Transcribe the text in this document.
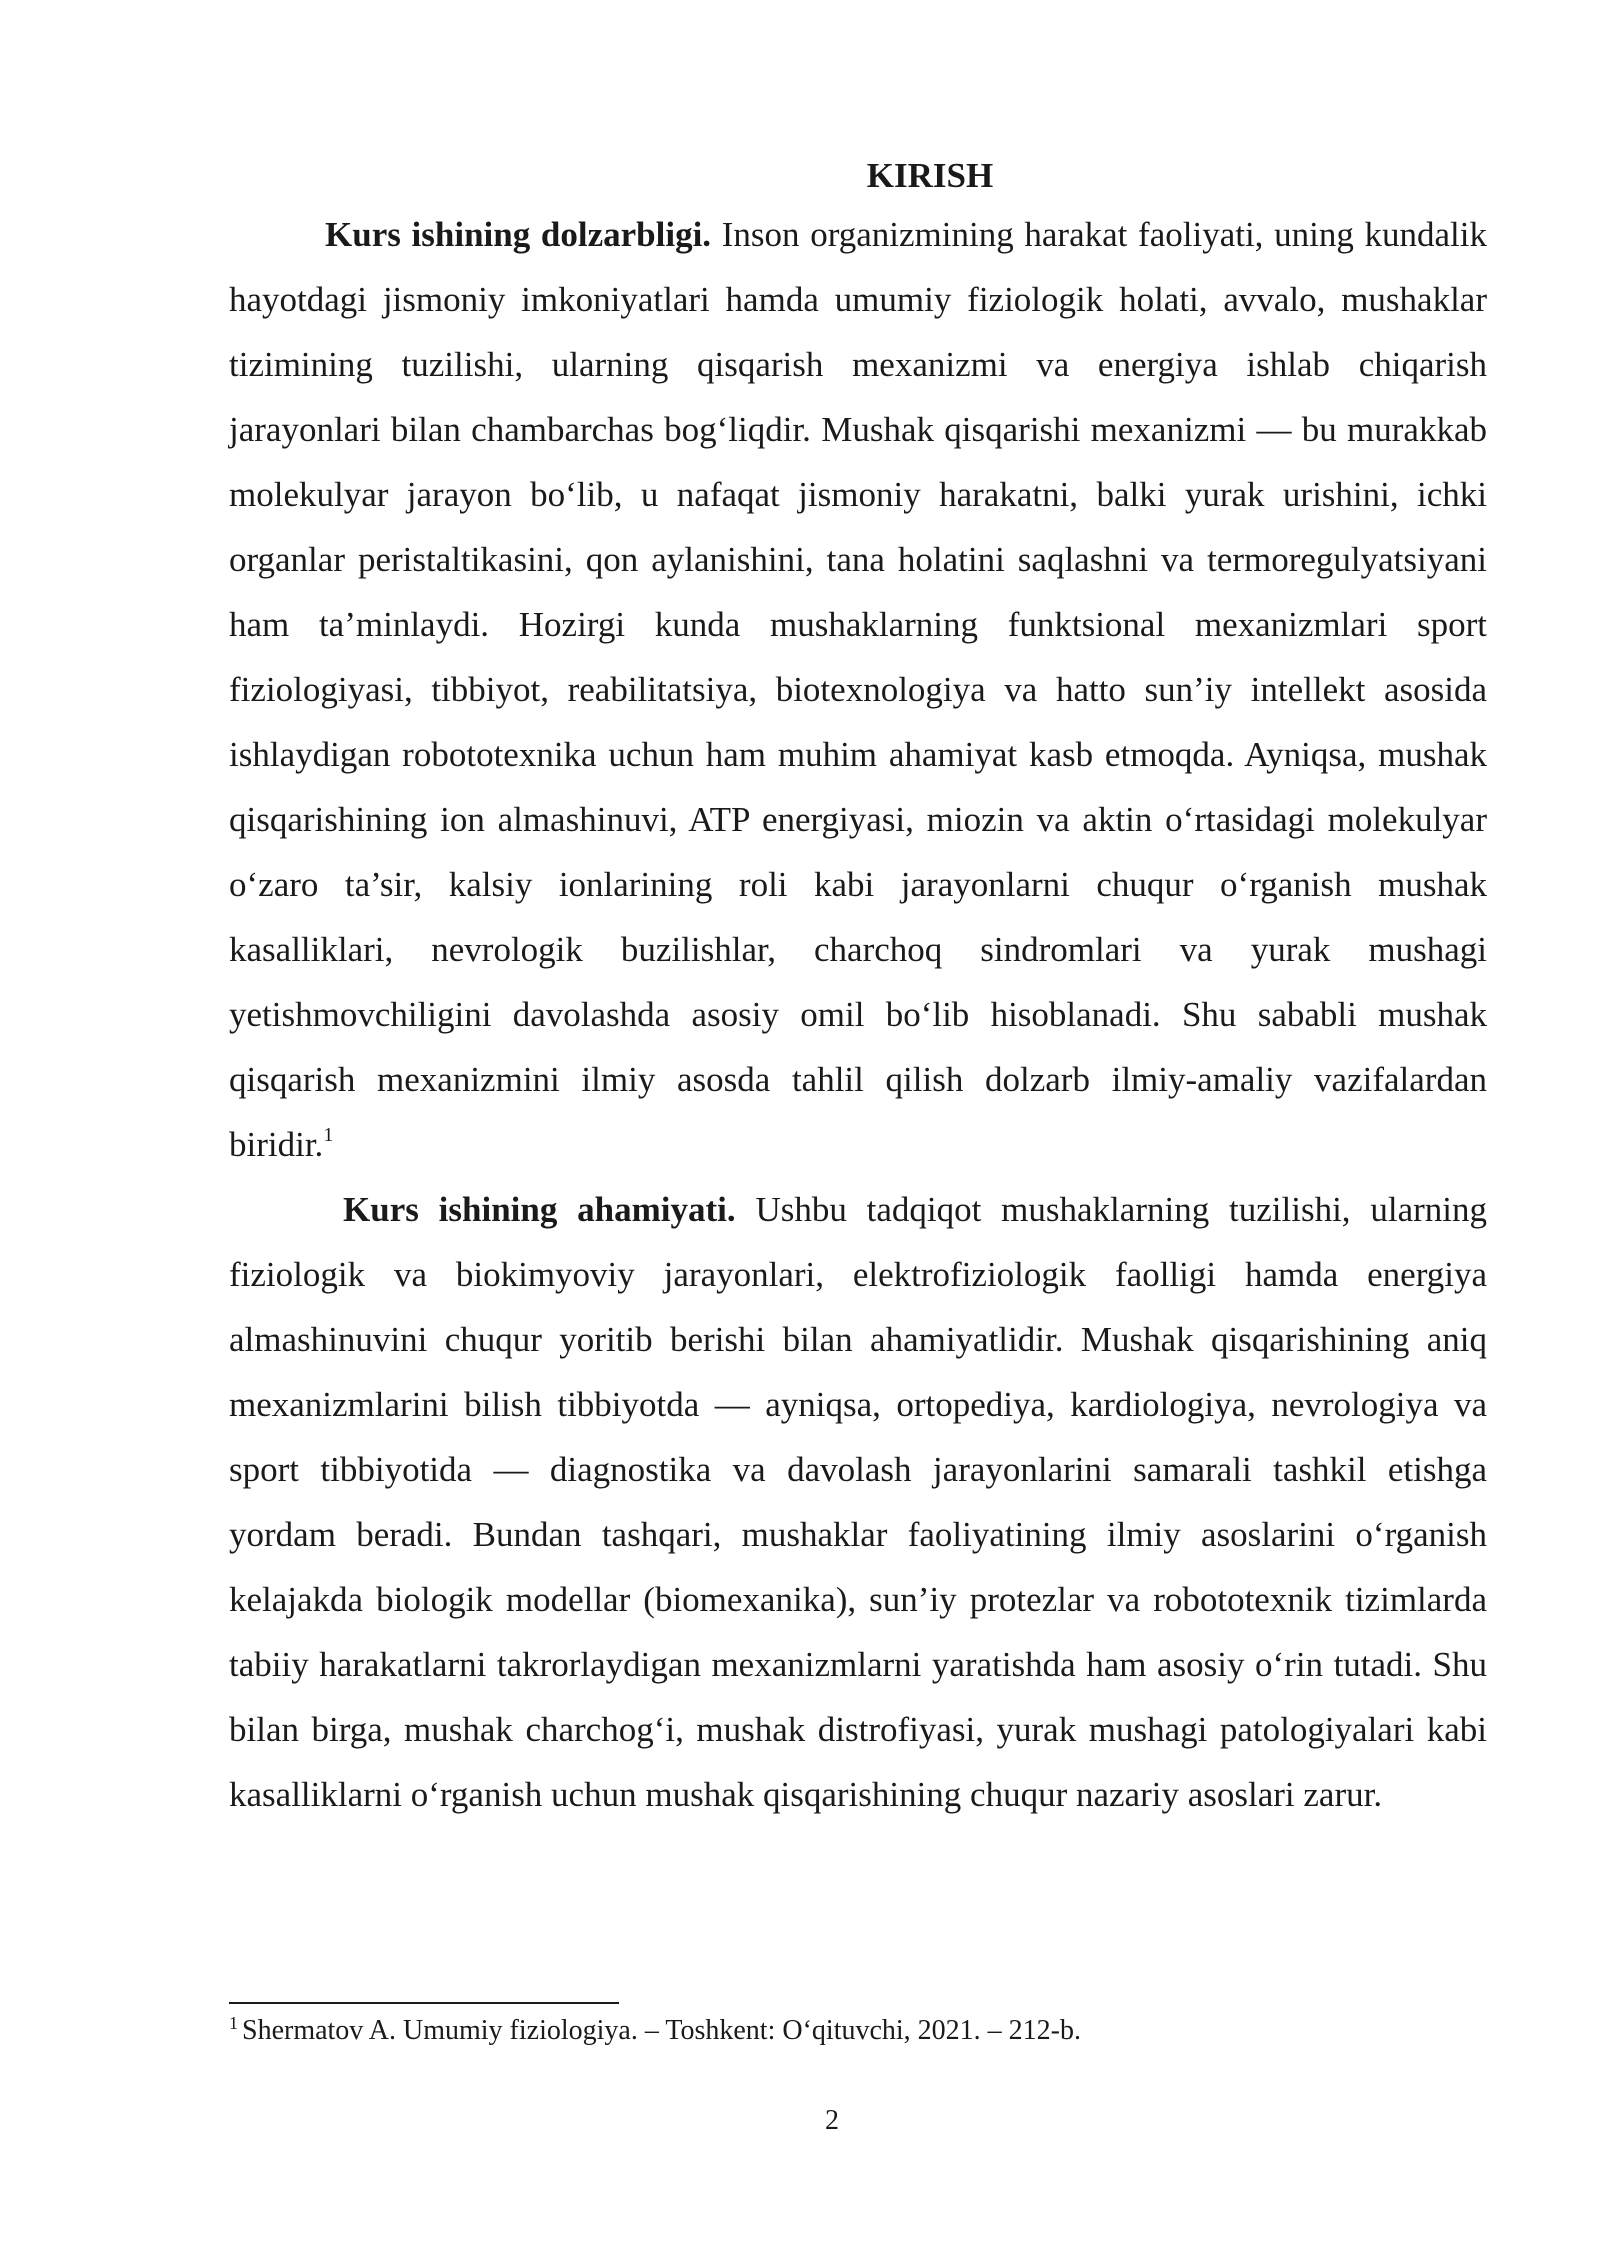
KIRISH

Kurs ishining dolzarbligi. Inson organizmining harakat faoliyati, uning kundalik hayotdagi jismoniy imkoniyatlari hamda umumiy fiziologik holati, avvalo, mushaklar tizimining tuzilishi, ularning qisqarish mexanizmi va energiya ishlab chiqarish jarayonlari bilan chambarchas bog‘liqdir. Mushak qisqarishi mexanizmi — bu murakkab molekulyar jarayon bo‘lib, u nafaqat jismoniy harakatni, balki yurak urishini, ichki organlar peristaltikasini, qon aylanishini, tana holatini saqlashni va termoregulyatsiyani ham ta’minlaydi. Hozirgi kunda mushaklarning funktsional mexanizmlari sport fiziologiyasi, tibbiyot, reabilitatsiya, biotexnologiya va hatto sun’iy intellekt asosida ishlaydigan robototexnika uchun ham muhim ahamiyat kasb etmoqda. Ayniqsa, mushak qisqarishining ion almashinuvi, ATP energiyasi, miozin va aktin o‘rtasidagi molekulyar o‘zaro ta’sir, kalsiy ionlarining roli kabi jarayonlarni chuqur o‘rganish mushak kasalliklari, nevrologik buzilishlar, charchoq sindromlari va yurak mushagi yetishmovchiligini davolashda asosiy omil bo‘lib hisoblanadi. Shu sababli mushak qisqarish mexanizmini ilmiy asosda tahlil qilish dolzarb ilmiy-amaliy vazifalardan biridir.$^1$

Kurs ishining ahamiyati. Ushbu tadqiqot mushaklarning tuzilishi, ularning fiziologik va biokimyoviy jarayonlari, elektrofiziologik faolligi hamda energiya almashinuvini chuqur yoritib berishi bilan ahamiyatlidir. Mushak qisqarishining aniq mexanizmlarini bilish tibbiyotda — ayniqsa, ortopediya, kardiologiya, nevrologiya va sport tibbiyotida — diagnostika va davolash jarayonlarini samarali tashkil etishga yordam beradi. Bundan tashqari, mushaklar faoliyatining ilmiy asoslarini o‘rganish kelajakda biologik modellar (biomexanika), sun’iy protezlar va robototexnik tizimlarda tabiiy harakatlarni takrorlaydigan mexanizmlarni yaratishda ham asosiy o‘rin tutadi. Shu bilan birga, mushak charchog‘i, mushak distrofiyasi, yurak mushagi patologiyalari kabi kasalliklarni o‘rganish uchun mushak qisqarishining chuqur nazariy asoslari zarur.

$^1$ Shermatov A. Umumiy fiziologiya. – Toshkent: O‘qituvchi, 2021. – 212-b.

2
